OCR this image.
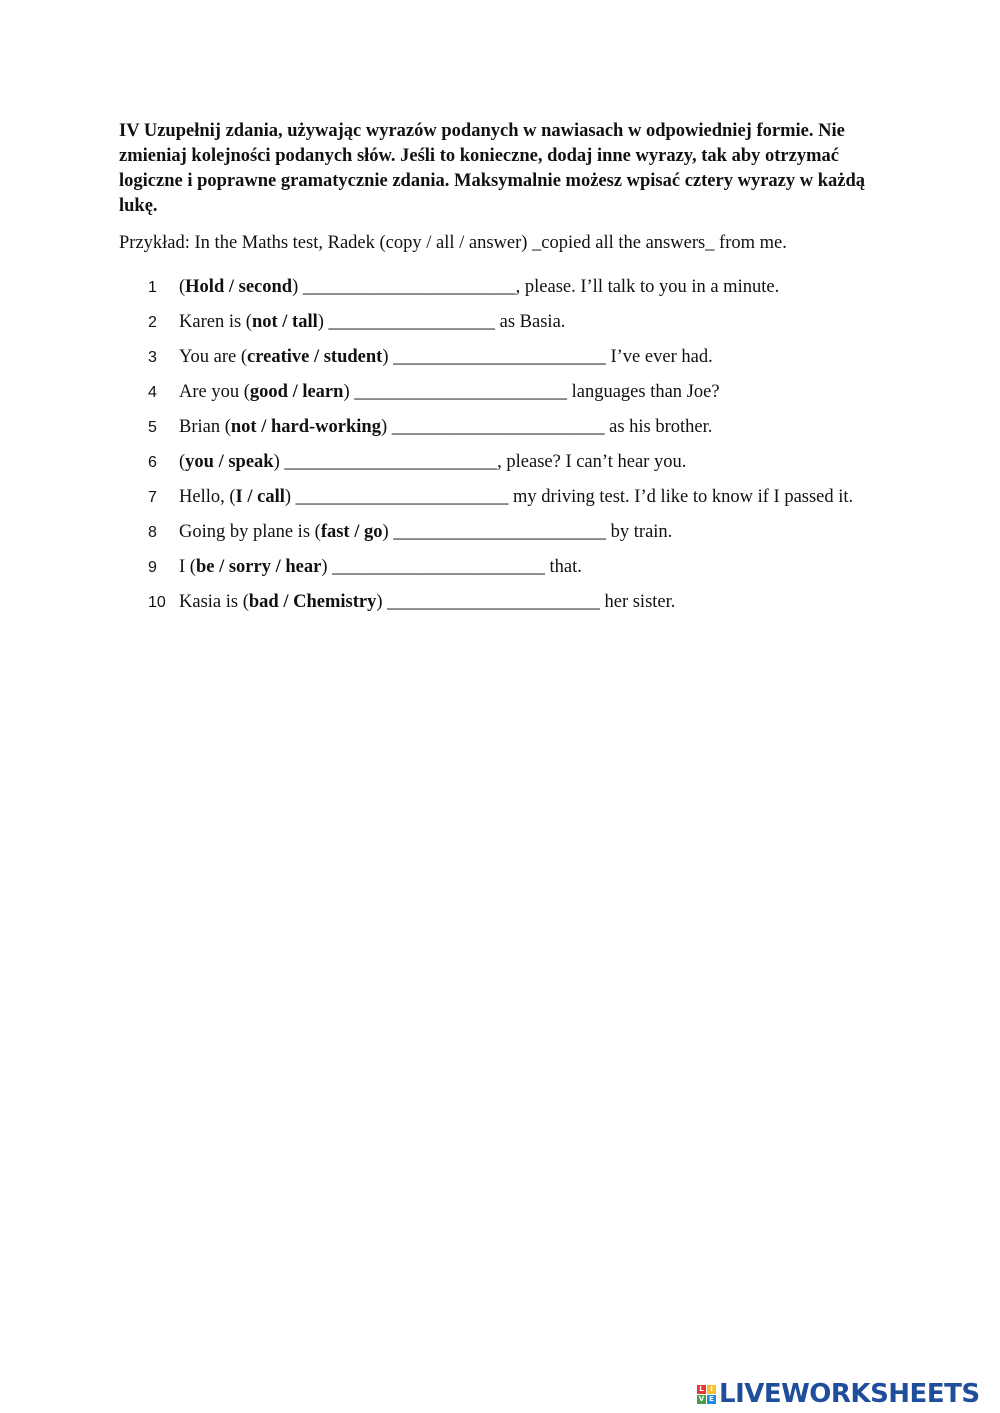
IV Uzupełnij zdania, używając wyrazów podanych w nawiasach w odpowiedniej formie. Nie zmieniaj kolejności podanych słów. Jeśli to konieczne, dodaj inne wyrazy, tak aby otrzymać logiczne i poprawne gramatycznie zdania. Maksymalnie możesz wpisać cztery wyrazy w każdą lukę.

Przykład: In the Maths test, Radek (copy / all / answer) _copied all the answers_ from me.
1	(Hold / second) _______________________, please. I’ll talk to you in a minute.
2	Karen is (not / tall) __________________ as Basia.
3	You are (creative / student) _______________________ I’ve ever had.
4	Are you (good / learn) _______________________ languages than Joe?
5	Brian (not / hard-working) _______________________ as his brother.
6	(you / speak) _______________________, please? I can’t hear you.
7	Hello, (I / call) _______________________ my driving test. I’d like to know if I passed it.
8	Going by plane is (fast / go) _______________________ by train.
9	I (be / sorry / hear) _______________________ that.
10 Kasia is (bad / Chemistry) _______________________ her sister.
L I
V E LIVEWORKSHEETS
